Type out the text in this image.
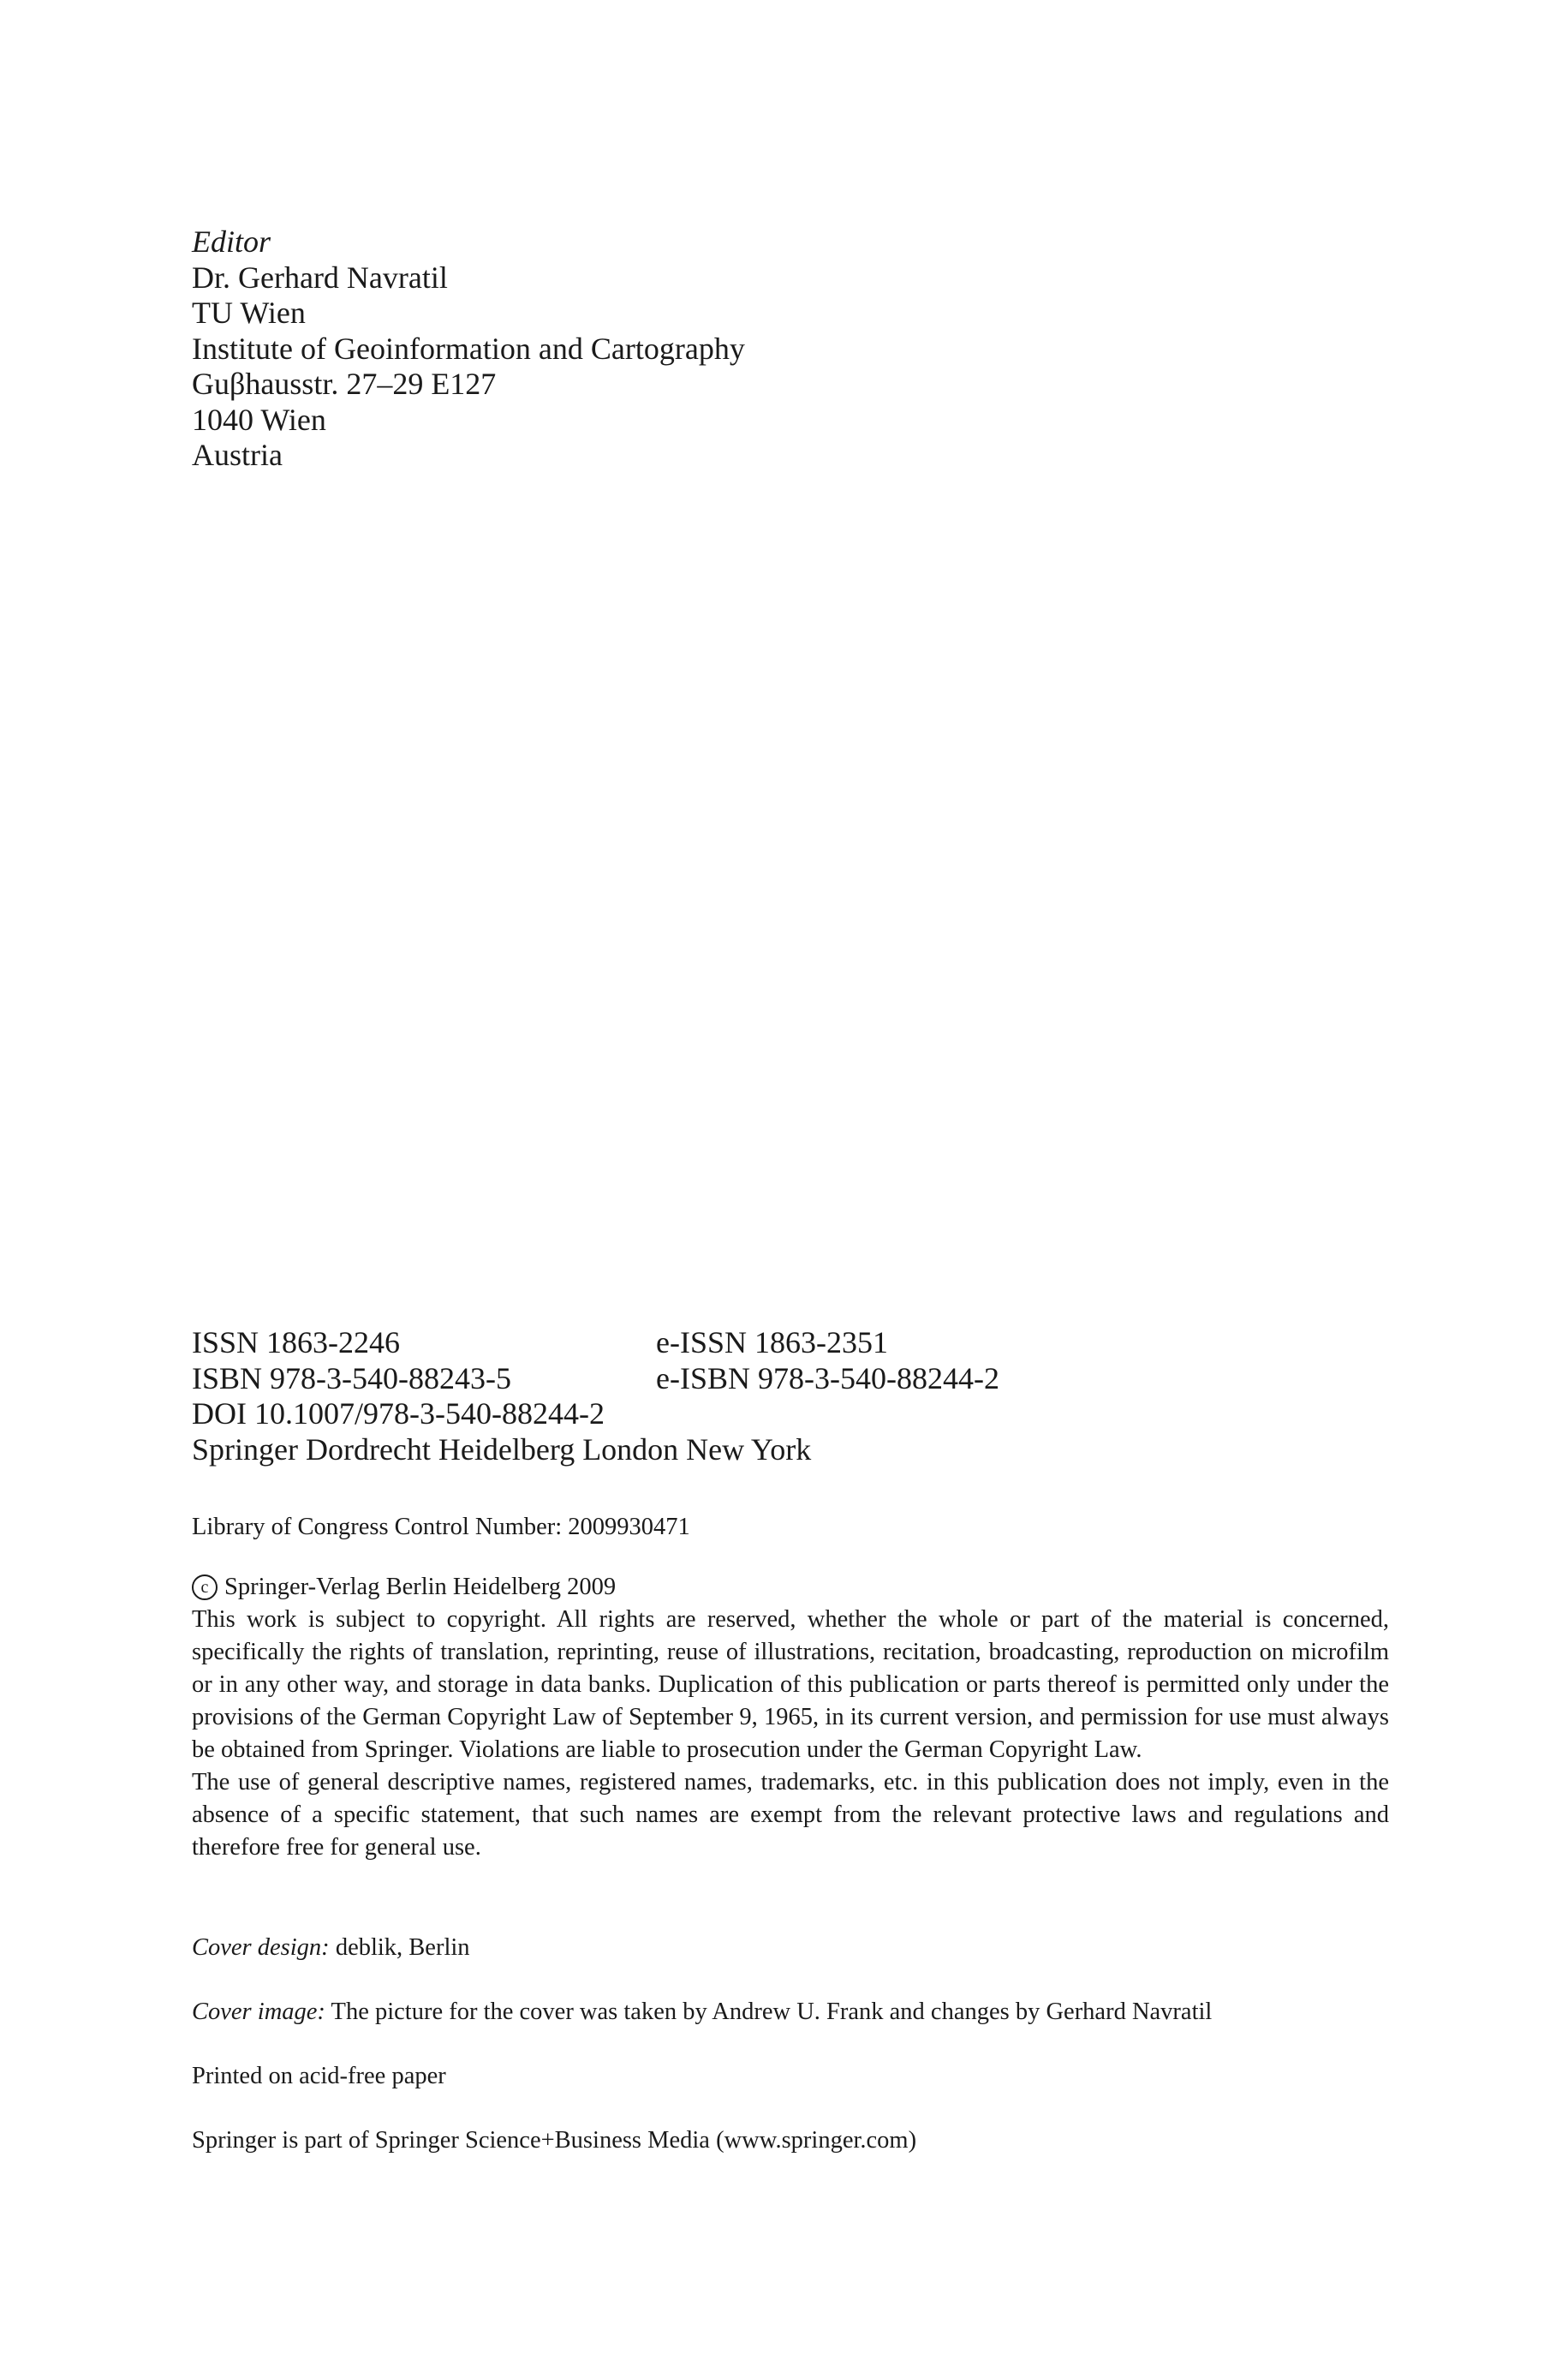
Editor
Dr. Gerhard Navratil
TU Wien
Institute of Geoinformation and Cartography
Guβhausstr. 27–29 E127
1040 Wien
Austria
ISSN 1863-2246	e-ISSN 1863-2351
ISBN 978-3-540-88243-5	e-ISBN 978-3-540-88244-2
DOI 10.1007/978-3-540-88244-2
Springer Dordrecht Heidelberg London New York
Library of Congress Control Number: 2009930471

c Springer-Verlag Berlin Heidelberg 2009

This work is subject to copyright. All rights are reserved, whether the whole or part of the material is concerned, specifically the rights of translation, reprinting, reuse of illustrations, recitation, broadcasting, reproduction on microfilm or in any other way, and storage in data banks. Duplication of this publication or parts thereof is permitted only under the provisions of the German Copyright Law of September 9, 1965, in its current version, and permission for use must always be obtained from Springer. Violations are liable to prosecution under the German Copyright Law.

The use of general descriptive names, registered names, trademarks, etc. in this publication does not imply, even in the absence of a specific statement, that such names are exempt from the relevant protective laws and regulations and therefore free for general use.

Cover design: deblik, Berlin
Cover image: The picture for the cover was taken by Andrew U. Frank and changes by Gerhard Navratil
Printed on acid-free paper
Springer is part of Springer Science+Business Media (www.springer.com)
